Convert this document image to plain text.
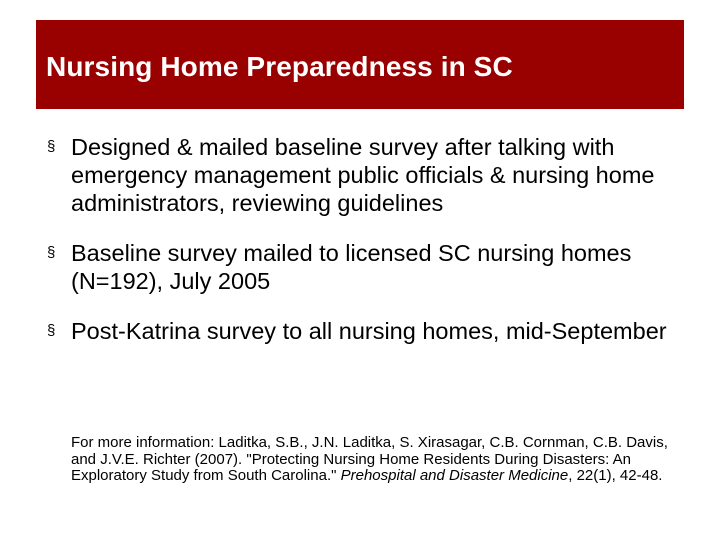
Nursing Home Preparedness in SC
§ Designed & mailed baseline survey after talking with emergency management public officials & nursing home administrators, reviewing guidelines
§ Baseline survey mailed to licensed SC nursing homes (N=192), July 2005
§ Post-Katrina survey to all nursing homes, mid-September
For more information: Laditka, S.B., J.N. Laditka, S. Xirasagar, C.B. Cornman, C.B. Davis, and J.V.E. Richter (2007). "Protecting Nursing Home Residents During Disasters: An Exploratory Study from South Carolina." Prehospital and Disaster Medicine, 22(1), 42-48.
